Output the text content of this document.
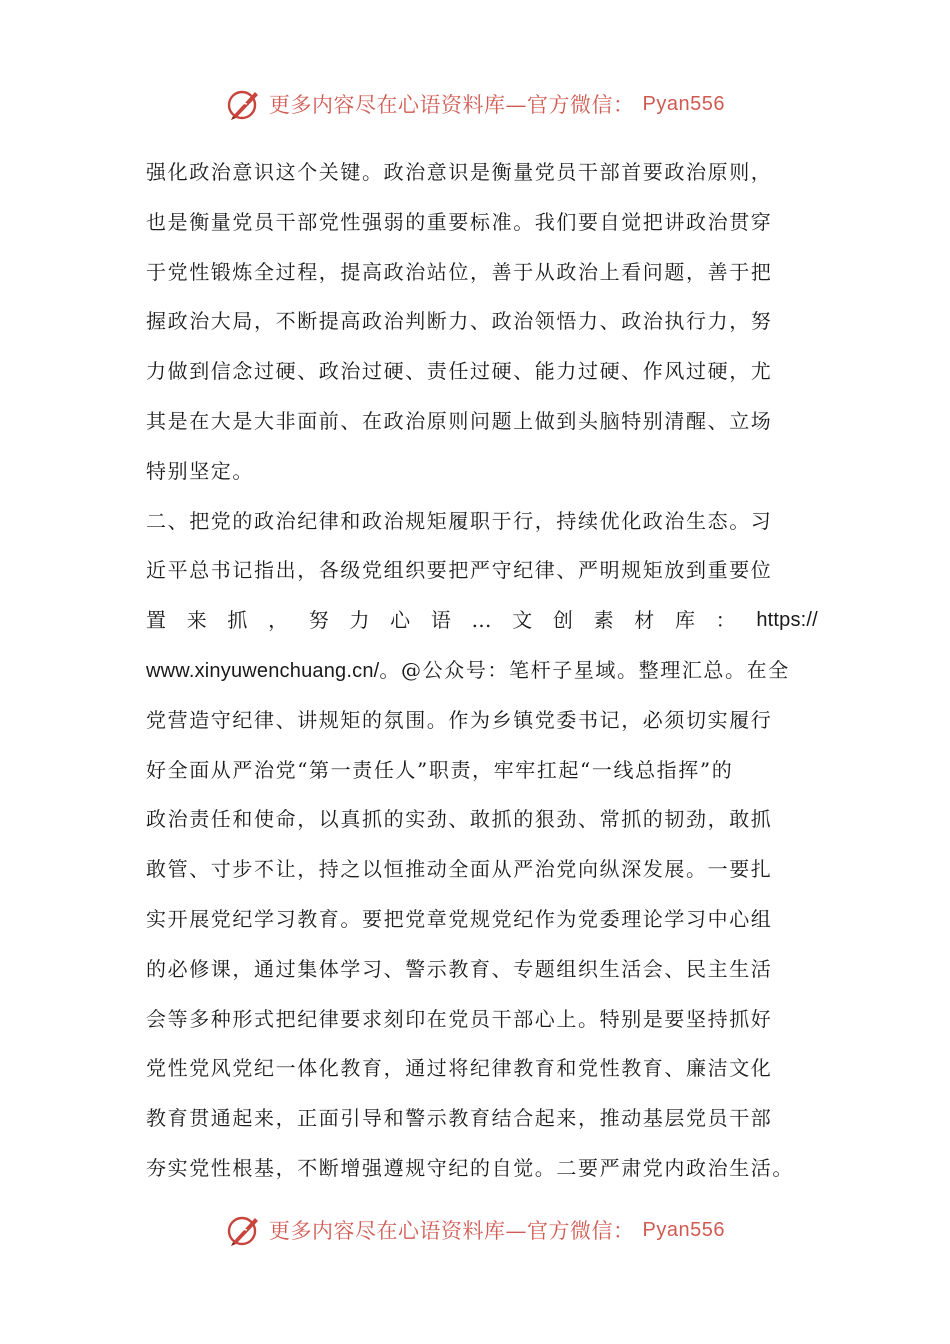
更多内容尽在心语资料库—官方微信： Pyan556
强化政治意识这个关键。政治意识是衡量党员干部首要政治原则，
也是衡量党员干部党性强弱的重要标准。我们要自觉把讲政治贯穿
于党性锻炼全过程，提高政治站位，善于从政治上看问题，善于把
握政治大局，不断提高政治判断力、政治领悟力、政治执行力，努
力做到信念过硬、政治过硬、责任过硬、能力过硬、作风过硬，尤
其是在大是大非面前、在政治原则问题上做到头脑特别清醒、立场
特别坚定。
二、把党的政治纪律和政治规矩履职于行，持续优化政治生态。习
近平总书记指出，各级党组织要把严守纪律、严明规矩放到重要位
置 来 抓 ， 努 力 心 语 … 文 创 素 材 库 ： https://
www.xinyuwenchuang.cn/。@公众号：笔杆子星域。整理汇总。在全
党营造守纪律、讲规矩的氛围。作为乡镇党委书记，必须切实履行
好全面从严治党“第一责任人”职责，牢牢扛起“一线总指挥”的
政治责任和使命，以真抓的实劲、敢抓的狠劲、常抓的韧劲，敢抓
敢管、寸步不让，持之以恒推动全面从严治党向纵深发展。一要扎
实开展党纪学习教育。要把党章党规党纪作为党委理论学习中心组
的必修课，通过集体学习、警示教育、专题组织生活会、民主生活
会等多种形式把纪律要求刻印在党员干部心上。特别是要坚持抓好
党性党风党纪一体化教育，通过将纪律教育和党性教育、廉洁文化
教育贯通起来，正面引导和警示教育结合起来，推动基层党员干部
夯实党性根基，不断增强遵规守纪的自觉。二要严肃党内政治生活。
更多内容尽在心语资料库—官方微信： Pyan556
